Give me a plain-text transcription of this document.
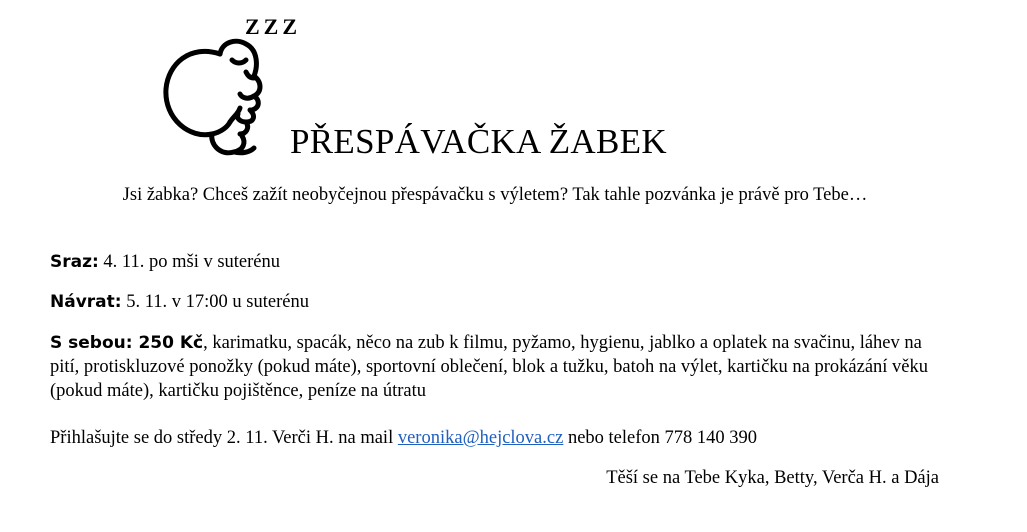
ZZZ
PŘESPÁVAČKA ŽABEK

Jsi žabka? Chceš zažít neobyčejnou přespávačku s výletem? Tak tahle pozvánka je právě pro Tebe…

Sraz: 4. 11. po mši v suterénu

Návrat: 5. 11. v 17:00 u suterénu

S sebou: 250 Kč, karimatku, spacák, něco na zub k filmu, pyžamo, hygienu, jablko a oplatek na svačinu, láhev na pití, protiskluzové ponožky (pokud máte), sportovní oblečení, blok a tužku, batoh na výlet, kartičku na prokázání věku (pokud máte), kartičku pojištěnce, peníze na útratu

Přihlašujte se do středy 2. 11. Verči H. na mail veronika@hejclova.cz nebo telefon 778 140 390

Těší se na Tebe Kyka, Betty, Verča H. a Dája
